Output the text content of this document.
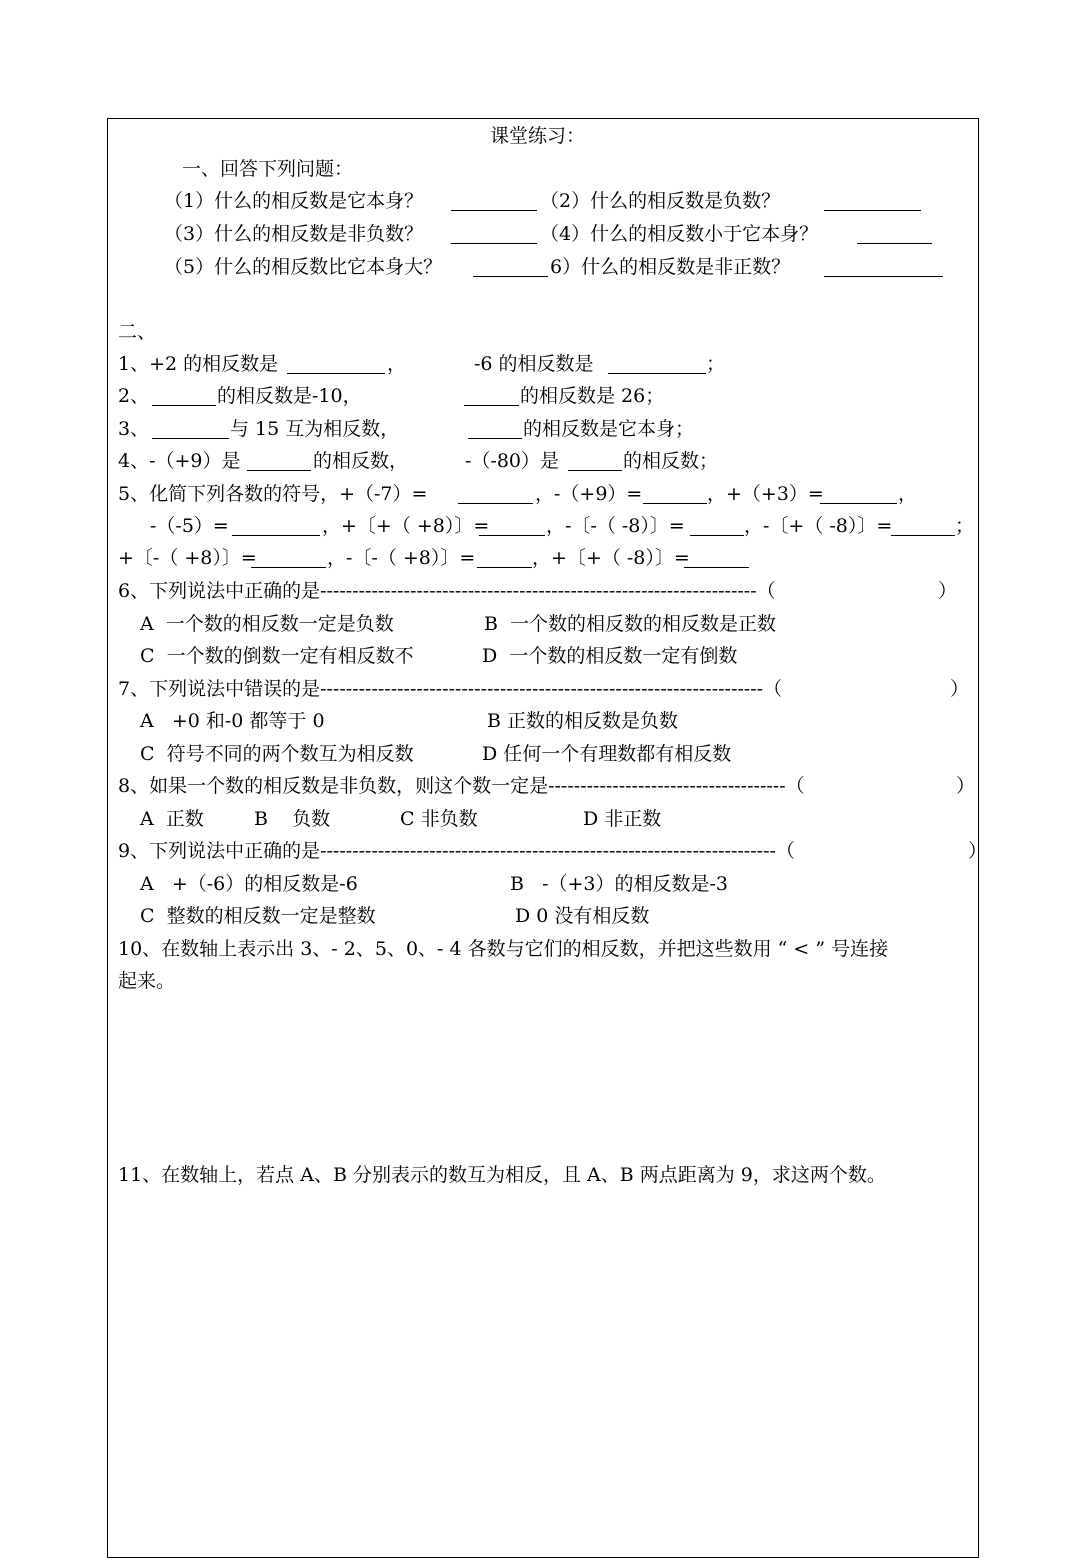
课堂练习：
一、回答下列问题：
（1）什么的相反数是它本身？	（2）什么的相反数是负数？
（3）什么的相反数是非负数？	（4）什么的相反数小于它本身？
（5）什么的相反数比它本身大？	6）什么的相反数是非正数？
二、
1、+2 的相反数是	，	-6 的相反数是	；
2、	的相反数是-10，	的相反数是 26；
3、	与 15 互为相反数，	的相反数是它本身；
4、-（+9）是	的相反数，	-（-80）是	的相反数；
5、化简下列各数的符号，+（-7）=	，-（+9）=	，+（+3）=	，
-（-5）=	，+〔+（ +8）〕=	，-〔-（ -8）〕=	，-〔+（ -8）〕=	；
+〔-（ +8）〕=	，-〔-（ +8）〕=	，+〔+（ -8）〕=
6、下列说法中正确的是--------------------------------------------------------------------（	）
A  一个数的相反数一定是负数	B  一个数的相反数的相反数是正数
C  一个数的倒数一定有相反数不	D  一个数的相反数一定有倒数
7、下列说法中错误的是---------------------------------------------------------------------（	）
A   +0 和-0 都等于 0	B 正数的相反数是负数
C  符号不同的两个数互为相反数	D 任何一个有理数都有相反数
8、如果一个数的相反数是非负数，则这个数一定是-------------------------------------（	）
A  正数	B    负数	C 非负数	D 非正数
9、下列说法中正确的是-----------------------------------------------------------------------（	）
A   +（-6）的相反数是-6	B   -（+3）的相反数是-3
C  整数的相反数一定是整数	D 0 没有相反数
10、在数轴上表示出 3、- 2、5、0、- 4 各数与它们的相反数，并把这些数用 “ < ” 号连接
起来。
11、在数轴上，若点 A、B 分别表示的数互为相反，且 A、B 两点距离为 9，求这两个数。
